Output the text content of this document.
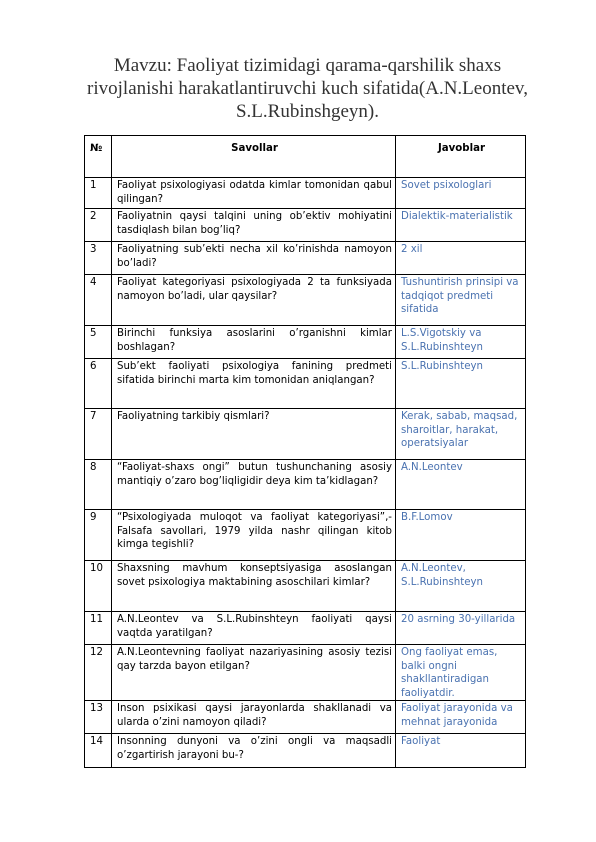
Mavzu: Faoliyat tizimidagi qarama-qarshilik shaxs rivojlanishi harakatlantiruvchi kuch sifatida(A.N.Leontev, S.L.Rubinshgeyn).
№	Savollar	Javoblar
1	Faoliyat psixologiyasi odatda kimlar tomonidan qabul qilingan?	Sovet psixologlari
2	Faoliyatnin qaysi talqini uning ob’ektiv mohiyatini tasdiqlash bilan bog’liq?	Dialektik-materialistik
3	Faoliyatning sub’ekti necha xil ko’rinishda namoyon bo’ladi?	2 xil
4	Faoliyat kategoriyasi psixologiyada 2 ta funksiyada namoyon bo’ladi, ular qaysilar?	Tushuntirish prinsipi va tadqiqot predmeti sifatida
5	Birinchi funksiya asoslarini o’rganishni kimlar boshlagan?	L.S.Vigotskiy va S.L.Rubinshteyn
6	Sub’ekt faoliyati psixologiya fanining predmeti sifatida birinchi marta kim tomonidan aniqlangan?	S.L.Rubinshteyn
7	Faoliyatning tarkibiy qismlari?	Kerak, sabab, maqsad, sharoitlar, harakat, operatsiyalar
8	“Faoliyat-shaxs ongi” butun tushunchaning asosiy mantiqiy o’zaro bog’liqligidir deya kim ta’kidlagan?	A.N.Leontev
9	“Psixologiyada muloqot va faoliyat kategoriyasi”,- Falsafa savollari, 1979 yilda nashr qilingan kitob kimga tegishli?	B.F.Lomov
10	Shaxsning mavhum konseptsiyasiga asoslangan sovet psixologiya maktabining asoschilari kimlar?	A.N.Leontev, S.L.Rubinshteyn
11	A.N.Leontev va S.L.Rubinshteyn faoliyati qaysi vaqtda yaratilgan?	20 asrning 30-yillarida
12	A.N.Leontevning faoliyat nazariyasining asosiy tezisi qay tarzda bayon etilgan?	Ong faoliyat emas, balki ongni shakllantiradigan faoliyatdir.
13	Inson psixikasi qaysi jarayonlarda shakllanadi va ularda o’zini namoyon qiladi?	Faoliyat jarayonida va mehnat jarayonida
14	Insonning dunyoni va o’zini ongli va maqsadli o’zgartirish jarayoni bu-?	Faoliyat
